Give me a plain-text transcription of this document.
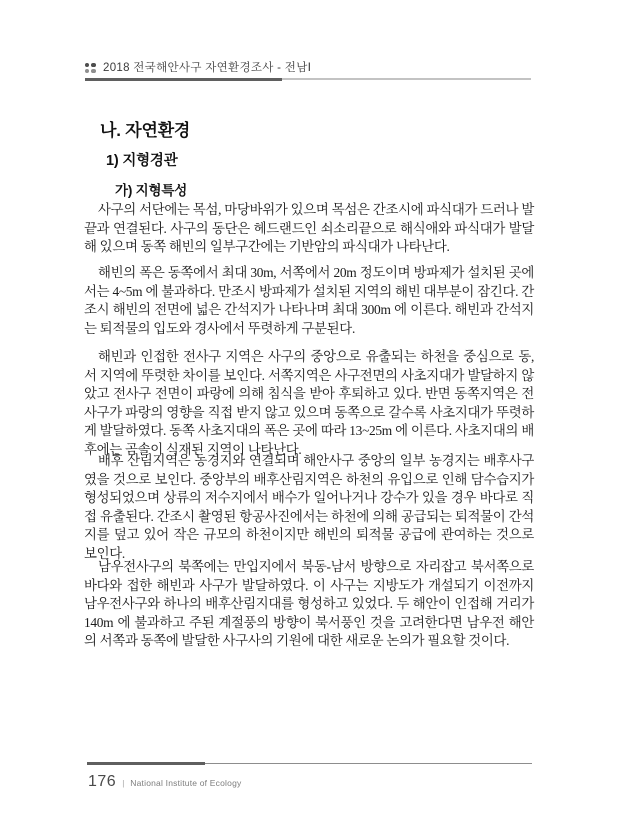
2018 전국해안사구 자연환경조사 - 전남Ⅰ
나. 자연환경
1) 지형경관
가) 지형특성

사구의 서단에는 목섬, 마당바위가 있으며 목섬은 간조시에 파식대가 드러나 발끝과 연결된다. 사구의 동단은 헤드랜드인 쇠소리끝으로 해식애와 파식대가 발달해 있으며 동쪽 해빈의 일부구간에는 기반암의 파식대가 나타난다.

해빈의 폭은 동쪽에서 최대 30m, 서쪽에서 20m 정도이며 방파제가 설치된 곳에서는 4~5m 에 불과하다. 만조시 방파제가 설치된 지역의 해빈 대부분이 잠긴다. 간조시 해빈의 전면에 넓은 간석지가 나타나며 최대 300m 에 이른다. 해빈과 간석지는 퇴적물의 입도와 경사에서 뚜렷하게 구분된다.

해빈과 인접한 전사구 지역은 사구의 중앙으로 유출되는 하천을 중심으로 동, 서 지역에 뚜렷한 차이를 보인다. 서쪽지역은 사구전면의 사초지대가 발달하지 않았고 전사구 전면이 파랑에 의해 침식을 받아 후퇴하고 있다. 반면 동쪽지역은 전사구가 파랑의 영향을 직접 받지 않고 있으며 동쪽으로 갈수록 사초지대가 뚜렷하게 발달하였다. 동쪽 사초지대의 폭은 곳에 따라 13~25m 에 이른다. 사초지대의 배후에는 곰솔이 식재된 지역이 나타난다.

배후 산림지역은 농경지와 연결되며 해안사구 중앙의 일부 농경지는 배후사구였을 것으로 보인다. 중앙부의 배후산림지역은 하천의 유입으로 인해 담수습지가 형성되었으며 상류의 저수지에서 배수가 일어나거나 강수가 있을 경우 바다로 직접 유출된다. 간조시 촬영된 항공사진에서는 하천에 의해 공급되는 퇴적물이 간석지를 덮고 있어 작은 규모의 하천이지만 해빈의 퇴적물 공급에 관여하는 것으로 보인다.

남우전사구의 북쪽에는 만입지에서 북동-남서 방향으로 자리잡고 북서쪽으로 바다와 접한 해빈과 사구가 발달하였다. 이 사구는 지방도가 개설되기 이전까지 남우전사구와 하나의 배후산림지대를 형성하고 있었다. 두 해안이 인접해 거리가 140m 에 불과하고 주된 계절풍의 방향이 북서풍인 것을 고려한다면 남우전 해안의 서쪽과 동쪽에 발달한 사구사의 기원에 대한 새로운 논의가 필요할 것이다.

176 | National Institute of Ecology
